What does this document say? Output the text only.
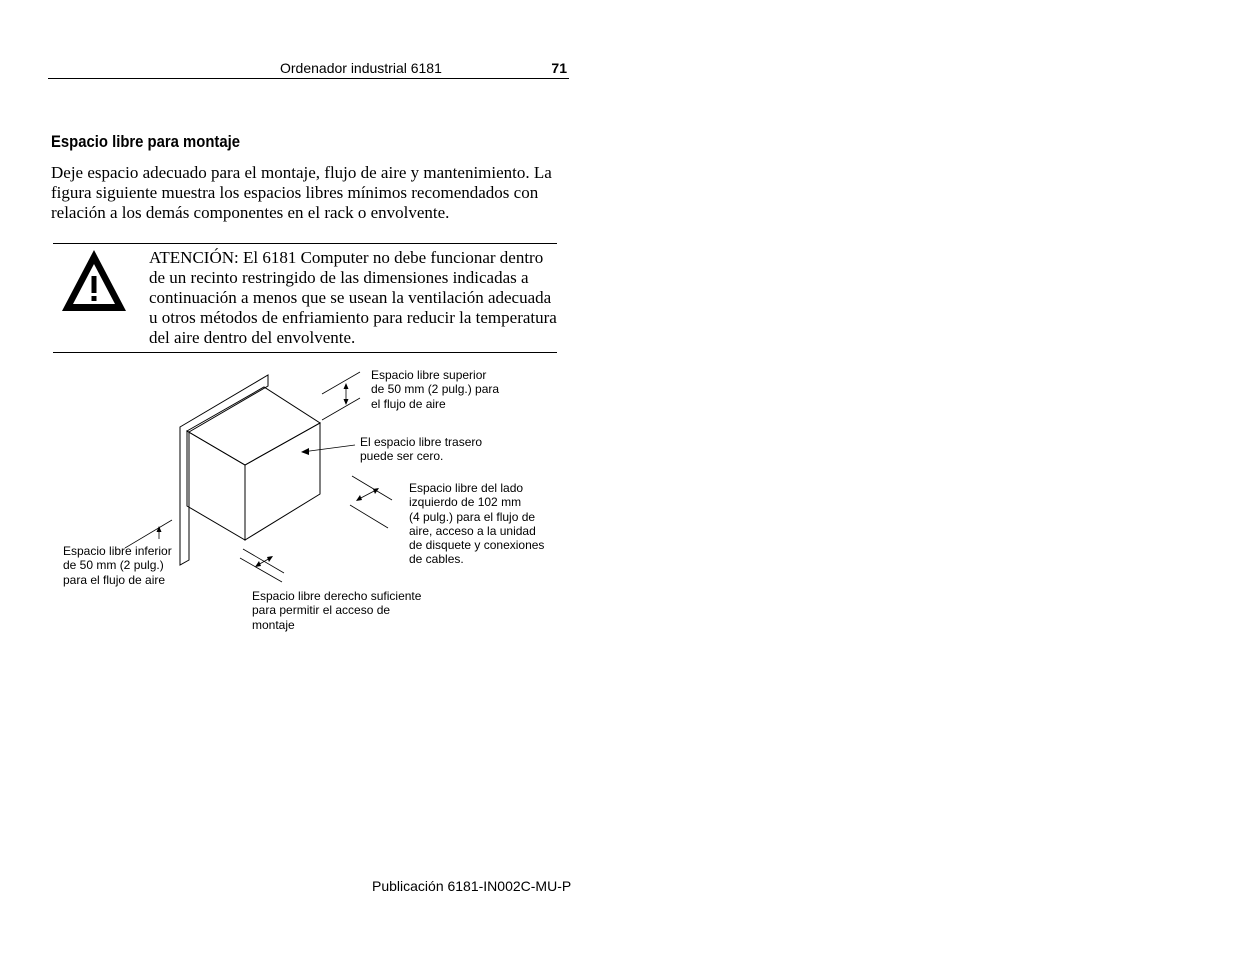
Ordenador industrial 6181	71
Espacio libre para montaje

Deje espacio adecuado para el montaje, flujo de aire y mantenimiento. La figura siguiente muestra los espacios libres mínimos recomendados con relación a los demás componentes en el rack o envolvente.

ATENCIÓN: El 6181 Computer no debe funcionar dentro de un recinto restringido de las dimensiones indicadas a continuación a menos que se usean la ventilación adecuada u otros métodos de enfriamiento para reducir la temperatura del aire dentro del envolvente.

Espacio libre superior
de 50 mm (2 pulg.) para
el flujo de aire

El espacio libre trasero
puede ser cero.

Espacio libre del lado
izquierdo de 102 mm
(4 pulg.) para el flujo de
aire, acceso a la unidad
de disquete y conexiones
de cables.

Espacio libre inferior
de 50 mm (2 pulg.)
para el flujo de aire

Espacio libre derecho suficiente
para permitir el acceso de
montaje

Publicación 6181-IN002C-MU-P
